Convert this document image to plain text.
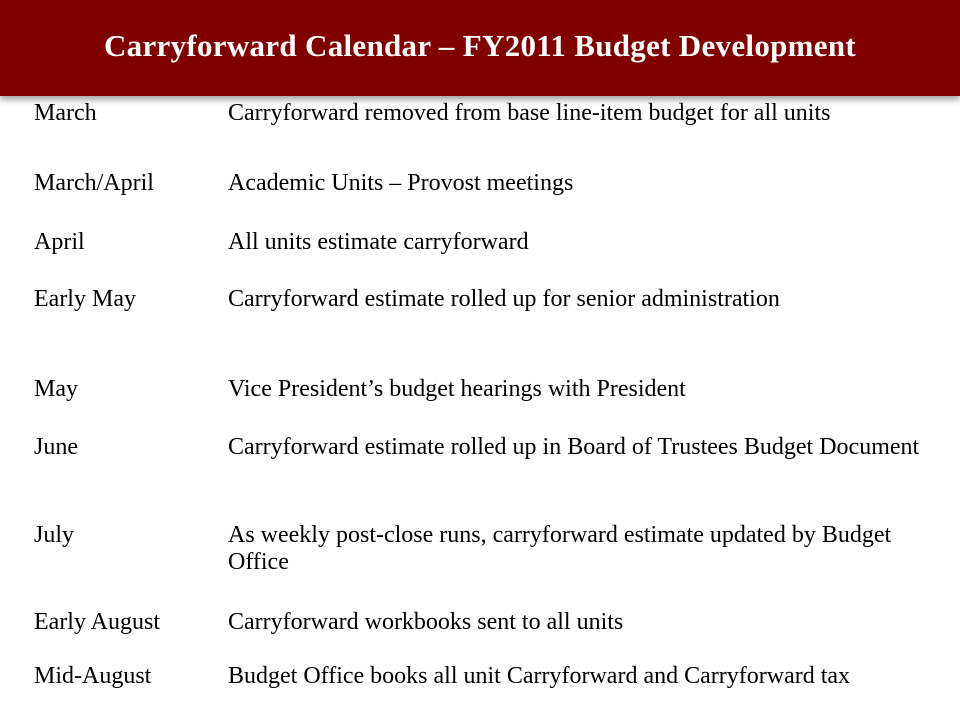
Carryforward Calendar – FY2011 Budget Development
March	Carryforward removed from base line-item budget for all units
March/April	Academic Units – Provost meetings
April	All units estimate carryforward
Early May	Carryforward estimate rolled up for senior administration
May	Vice President’s budget hearings with President
June	Carryforward estimate rolled up in Board of Trustees Budget Document
July	As weekly post-close runs, carryforward estimate updated by Budget Office
Early August	Carryforward workbooks sent to all units
Mid-August	Budget Office books all unit Carryforward and Carryforward tax
